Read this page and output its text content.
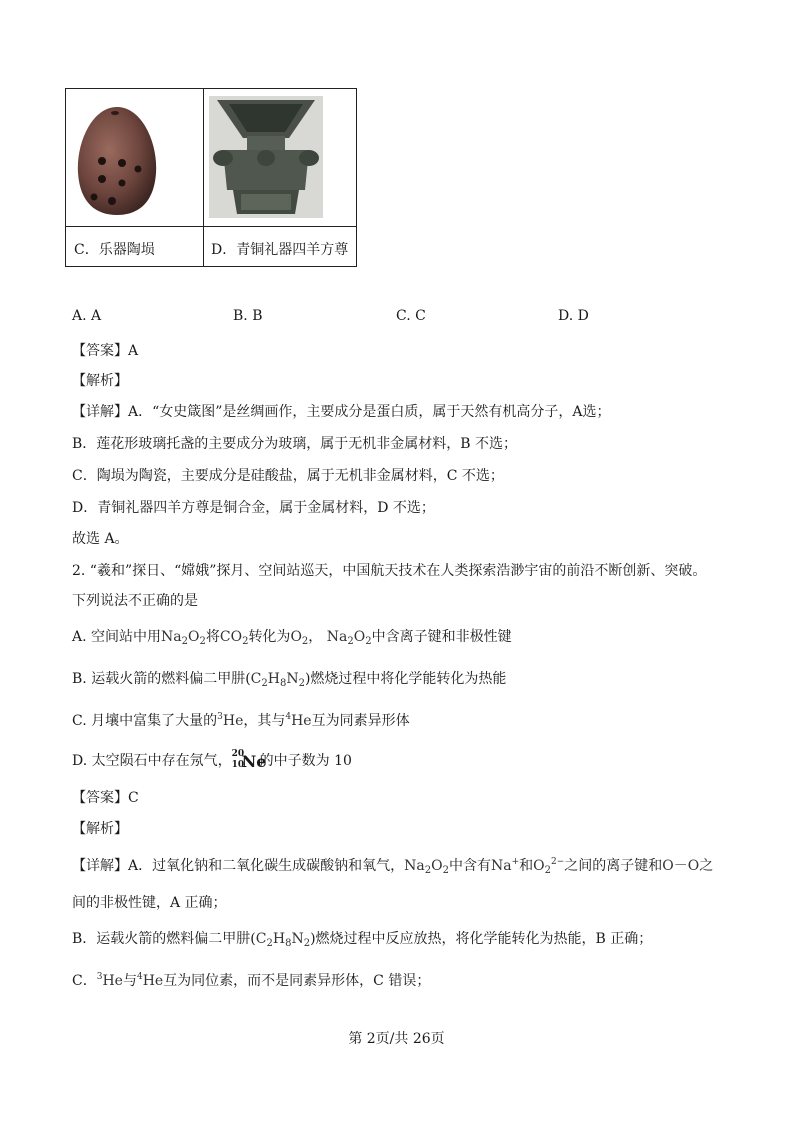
C．乐器陶埙	D．青铜礼器四羊方尊
A. A	B. B	C. C	D. D
【答案】A
【解析】
【详解】A．“女史箴图”是丝绸画作，主要成分是蛋白质，属于天然有机高分子，A选；
B．莲花形玻璃托盏的主要成分为玻璃，属于无机非金属材料，B 不选；
C．陶埙为陶瓷，主要成分是硅酸盐，属于无机非金属材料，C 不选；
D．青铜礼器四羊方尊是铜合金，属于金属材料，D 不选；
故选 A。
2. “羲和”探日、“嫦娥”探月、空间站巡天，中国航天技术在人类探索浩渺宇宙的前沿不断创新、突破。
下列说法不正确的是
A. 空间站中用$Na_2O_2$将$CO_2$转化为$O_2$， $Na_2O_2$中含离子键和非极性键
B. 运载火箭的燃料偏二甲肼$(C_2H_8N_2)$燃烧过程中将化学能转化为热能
C. 月壤中富集了大量的$^3$He，其与$^4$He互为同素异形体
D. 太空陨石中存在氖气， 20
10
Ne
的中子数为 10
【答案】C
【解析】
【详解】A．过氧化钠和二氧化碳生成碳酸钠和氧气，$Na_2O_2$中含有Na+和$O_2^{2-}$之间的离子键和O－O之
间的非极性键，A 正确；
B．运载火箭的燃料偏二甲肼$(C_2H_8N_2)$燃烧过程中反应放热，将化学能转化为热能，B 正确；
C．$^3$He与$^4$He互为同位素，而不是同素异形体，C 错误；
第 2页/共 26页
